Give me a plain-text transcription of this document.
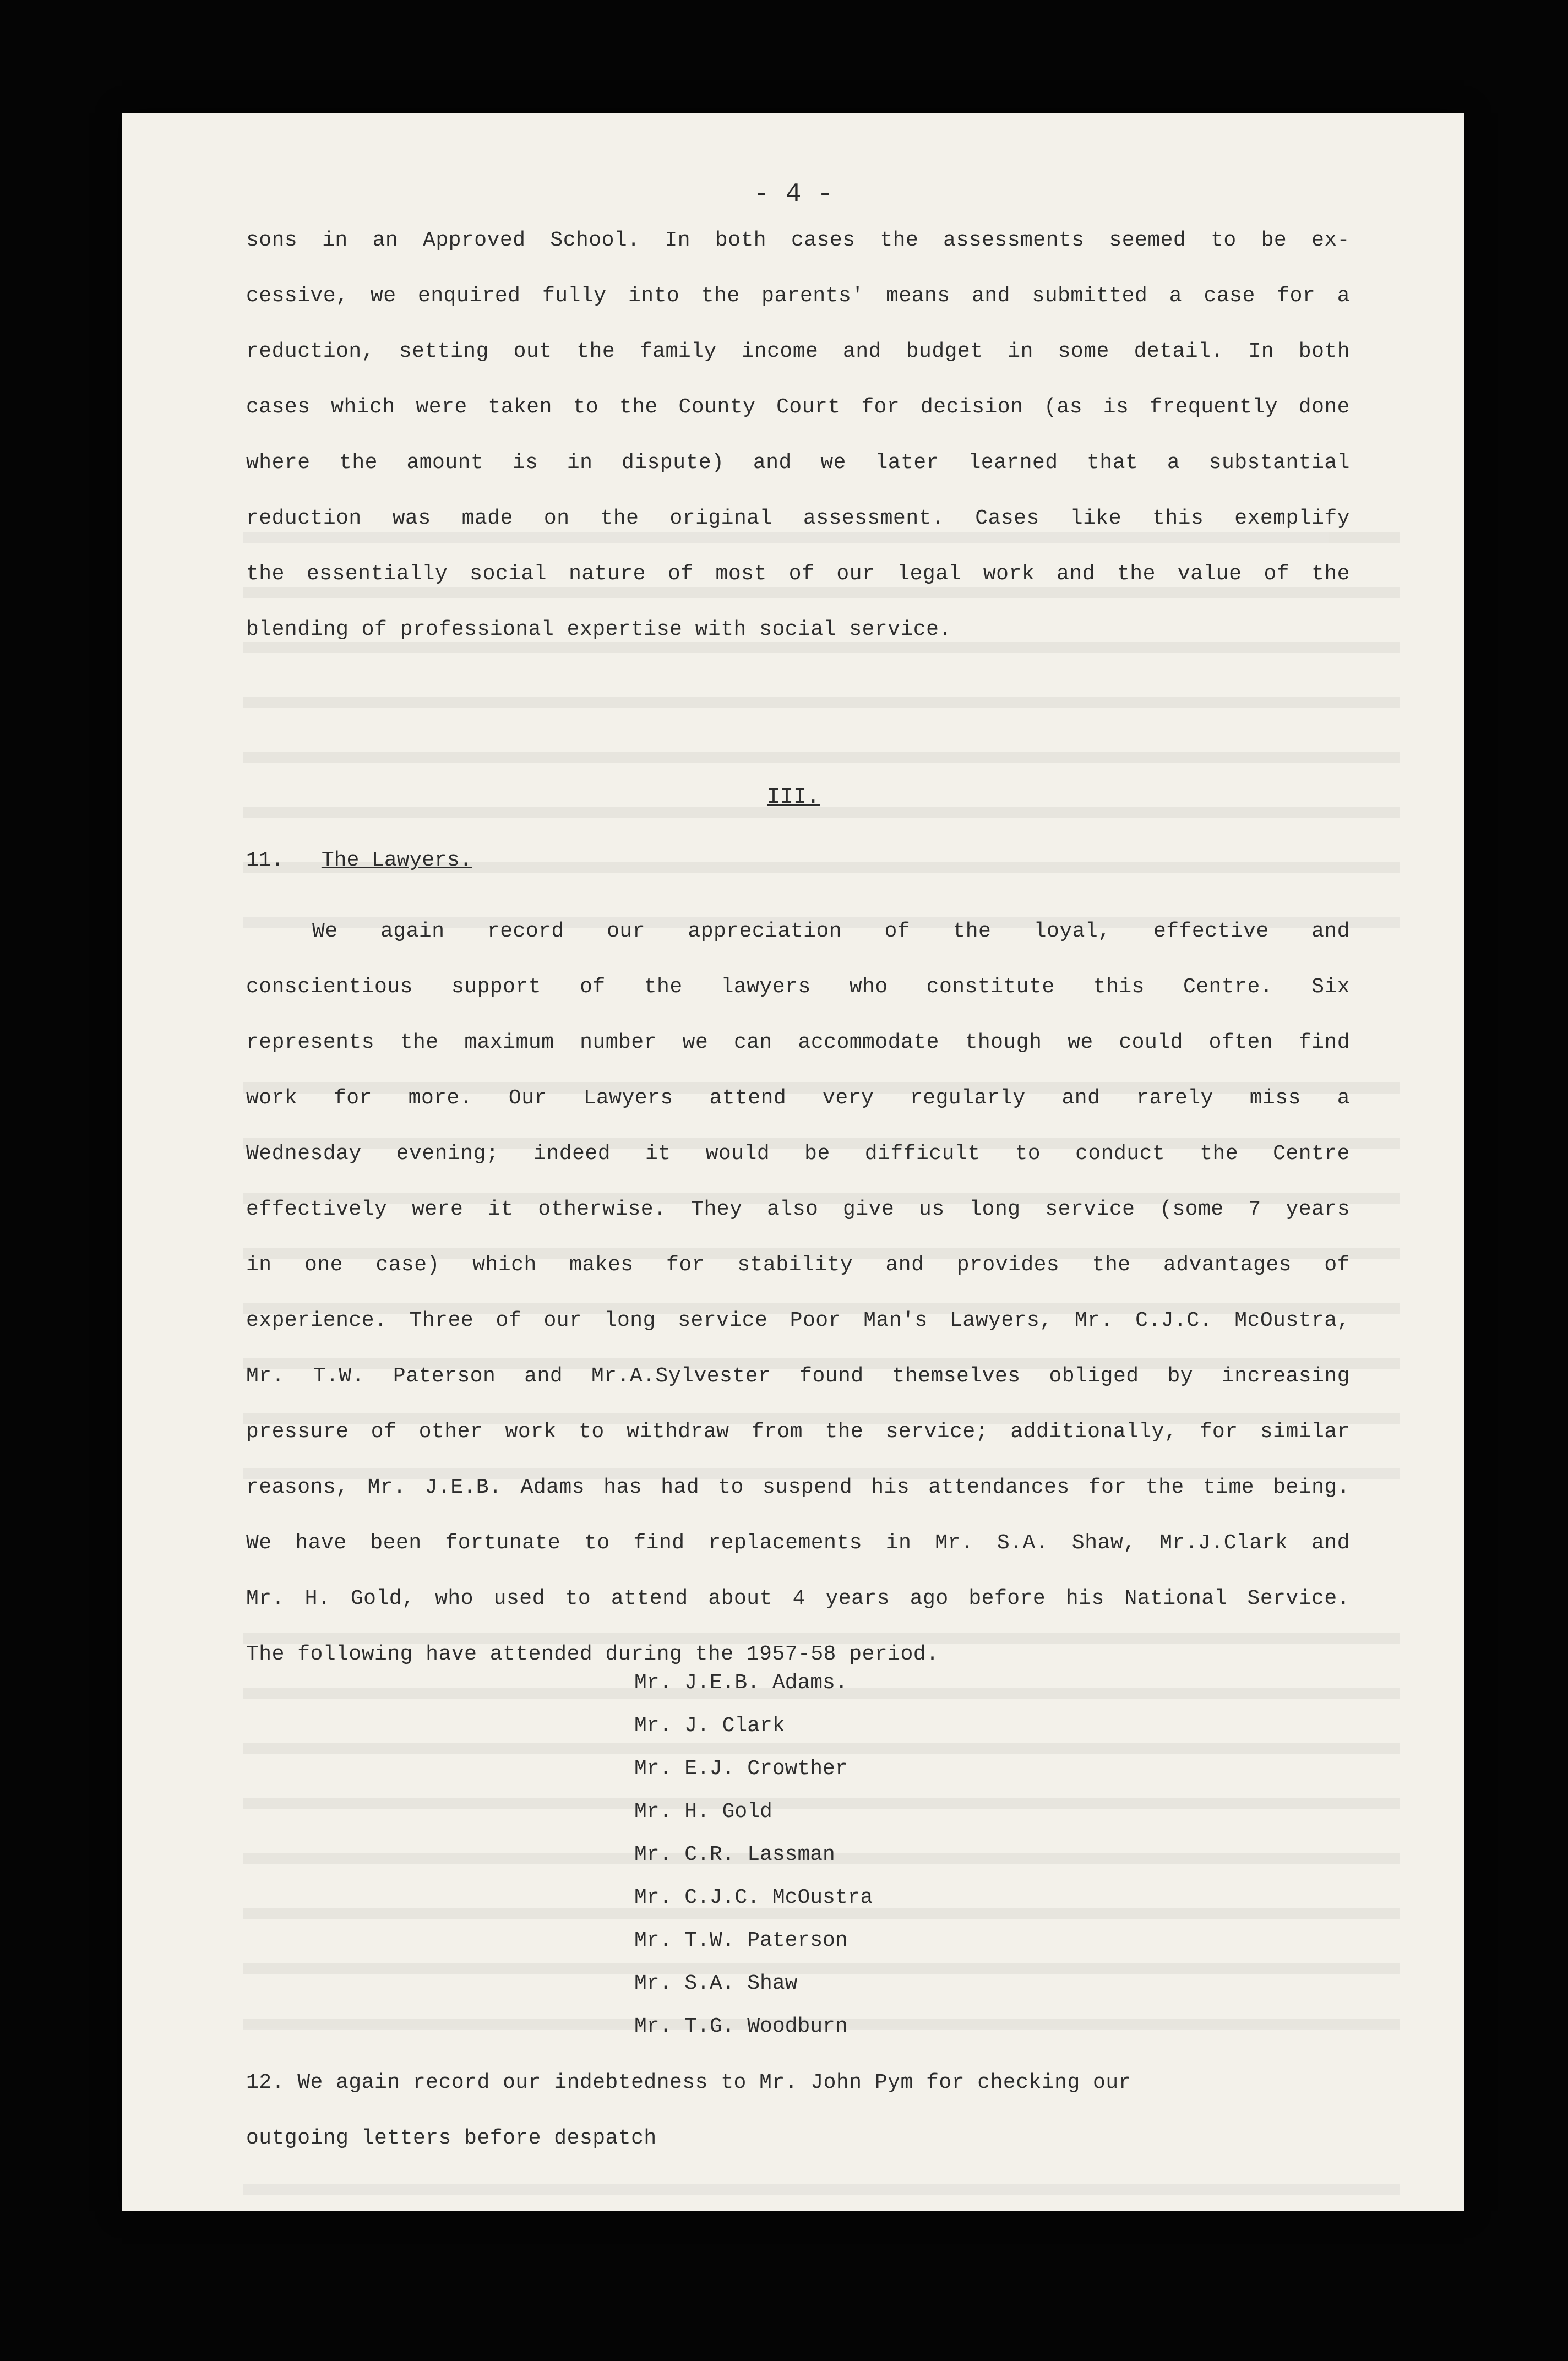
- 4 -
sons in an Approved School. In both cases the assessments seemed to be ex-
cessive, we enquired fully into the parents' means and submitted a case for a
reduction, setting out the family income and budget in some detail. In both
cases which were taken to the County Court for decision (as is frequently done
where the amount is in dispute) and we later learned that a substantial
reduction was made on the original assessment. Cases like this exemplify
the essentially social nature of most of our legal work and the value of the
blending of professional expertise with social service.
III.
11. The Lawyers.
We again record our appreciation of the loyal, effective and
conscientious support of the lawyers who constitute this Centre. Six
represents the maximum number we can accommodate though we could often find
work for more. Our Lawyers attend very regularly and rarely miss a
Wednesday evening; indeed it would be difficult to conduct the Centre
effectively were it otherwise. They also give us long service (some 7 years
in one case) which makes for stability and provides the advantages of
experience. Three of our long service Poor Man's Lawyers, Mr. C.J.C. McOustra,
Mr. T.W. Paterson and Mr.A.Sylvester found themselves obliged by increasing
pressure of other work to withdraw from the service; additionally, for similar
reasons, Mr. J.E.B. Adams has had to suspend his attendances for the time being.
We have been fortunate to find replacements in Mr. S.A. Shaw, Mr.J.Clark and
Mr. H. Gold, who used to attend about 4 years ago before his National Service.
The following have attended during the 1957-58 period.
Mr. J.E.B. Adams.
Mr. J. Clark
Mr. E.J. Crowther
Mr. H. Gold
Mr. C.R. Lassman
Mr. C.J.C. McOustra
Mr. T.W. Paterson
Mr. S.A. Shaw
Mr. T.G. Woodburn
12. We again record our indebtedness to Mr. John Pym for checking our
outgoing letters before despatch
